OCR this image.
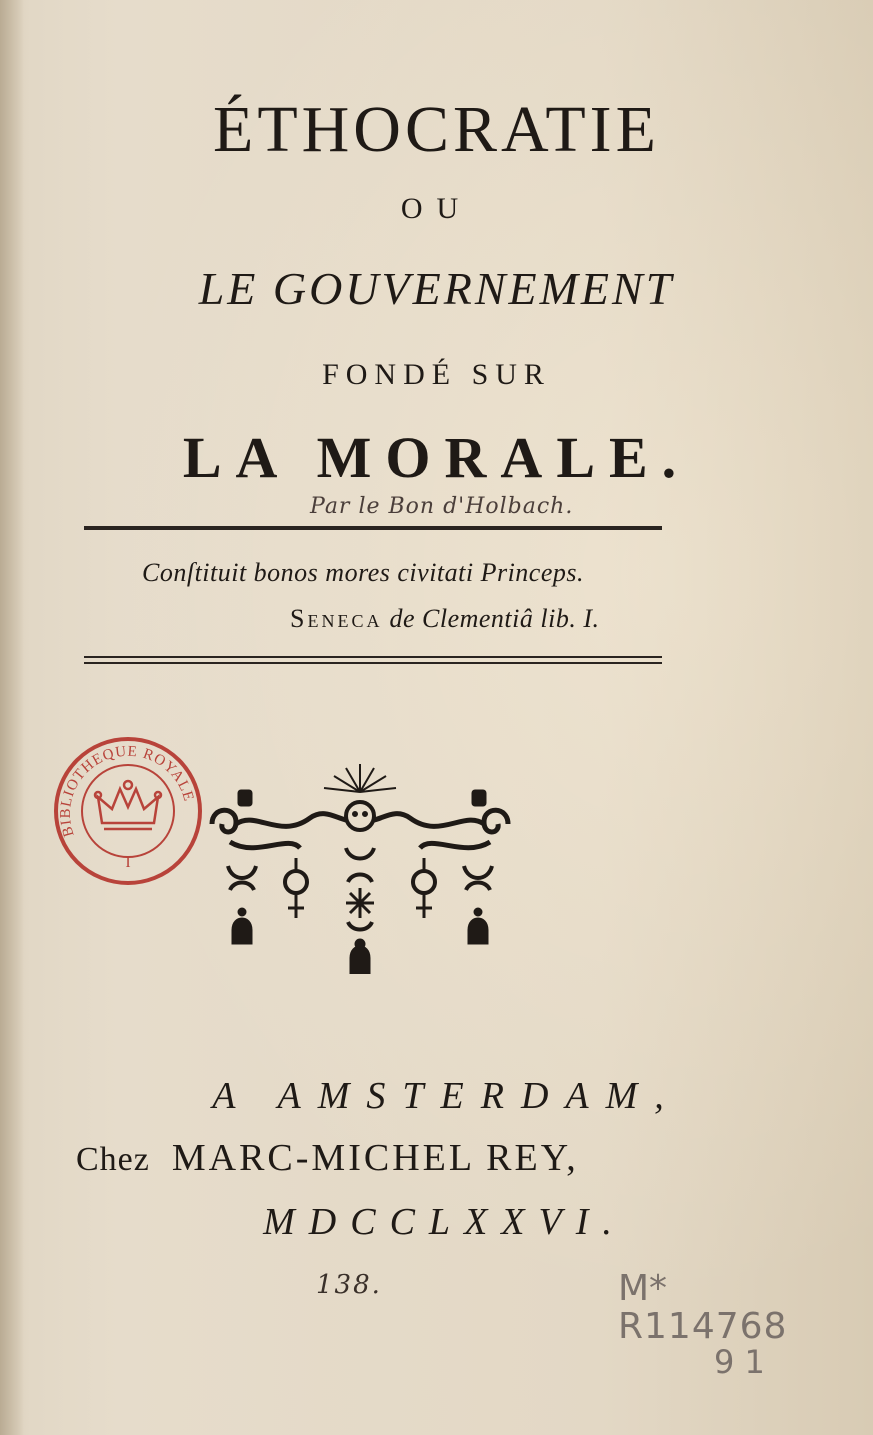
ÉTHOCRATIE
OU
LE GOUVERNEMENT
FONDÉ SUR
LA MORALE.
Par le Bon d'Holbach.
Conſtituit bonos mores civitati Princeps.
Seneca de Clementiâ lib. I.
BIBLIOTHEQUE ROYALE
I
A AMSTERDAM,
Chez MARC-MICHEL REY,
MDCCLXXVI.
138.	M*
R114768
9 1
